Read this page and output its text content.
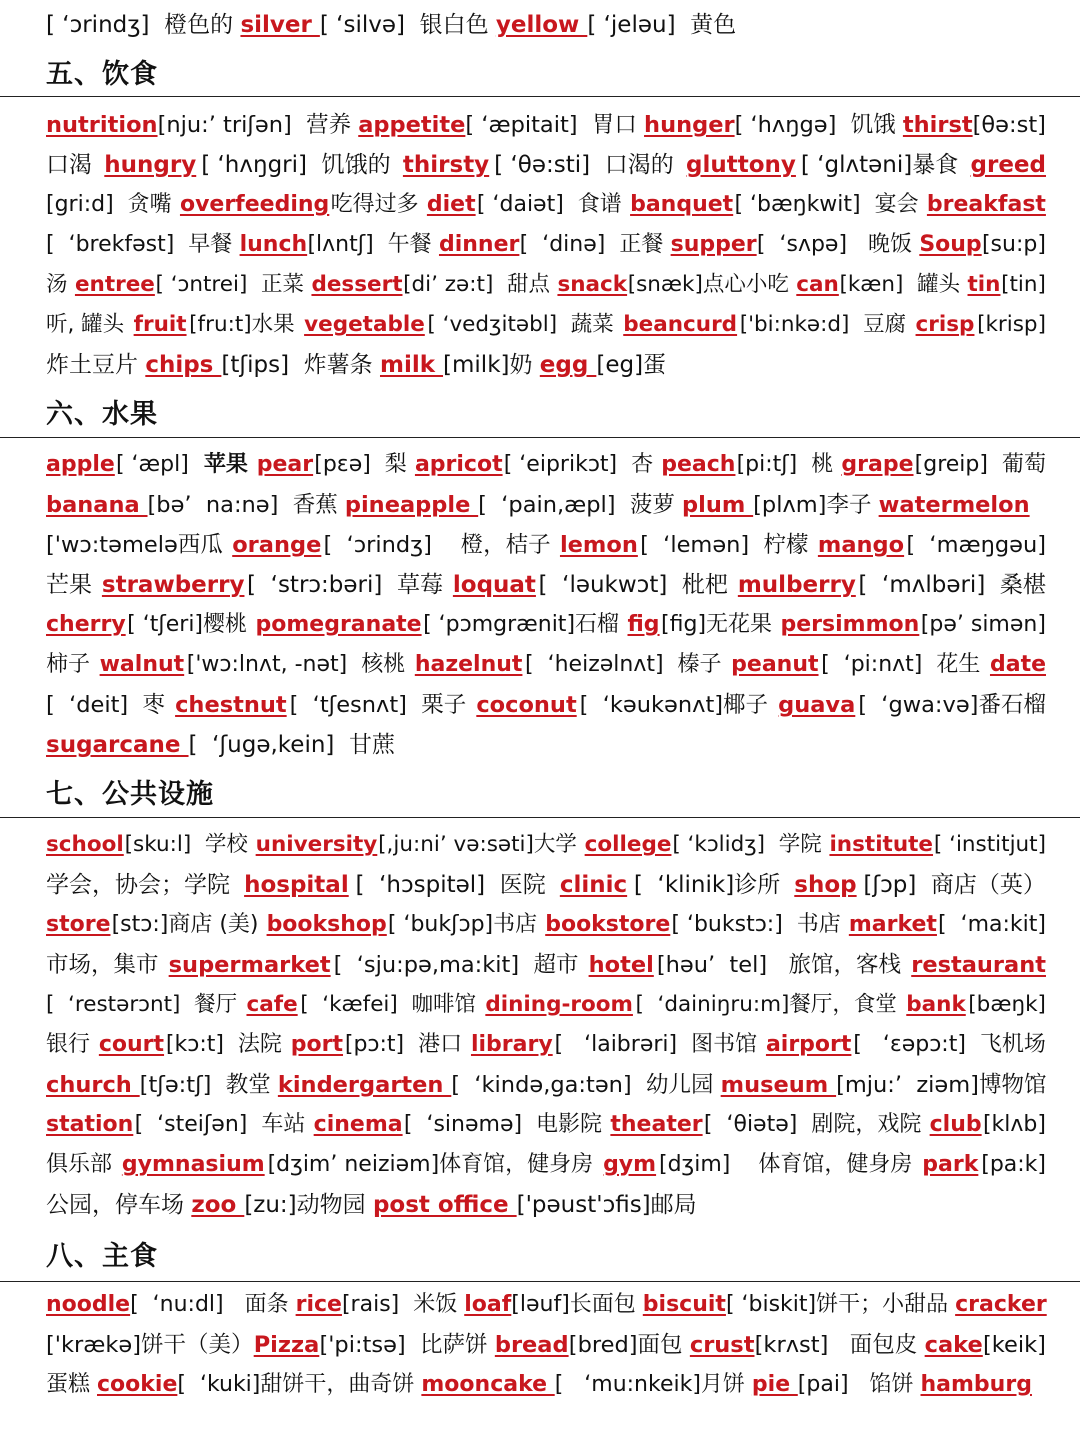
[ ‘ɔrindʒ]  橙色的 silver [ ‘silvə]  银白色 yellow [ ‘jeləu]  黄色
五、饮食
nutrition [nju:’ triʃən]  营养 appetite [ ‘æpitait]  胃口 hunger [ ‘hʌŋgə]  饥饿 thirst [θə:st]
口渴 hungry [ ‘hʌŋgri]  饥饿的 thirsty [ ‘θə:sti]  口渴的 gluttony [ ‘glʌtəni]暴食 greed
[gri:d]  贪嘴 overfeeding 吃得过多 diet [ ‘daiət]  食谱 banquet [ ‘bæŋkwit]  宴会 breakfast
[  ‘brekfəst]  早餐 lunch [lʌntʃ]  午餐 dinner [  ‘dinə]  正餐 supper [  ‘sʌpə]   晚饭 Soup [su:p]
汤 entree [ ‘ɔntrei]  正菜 dessert [di’ zə:t]  甜点 snack [snæk]点心小吃 can [kæn]  罐头 tin [tin]
听, 罐头 fruit [fru:t]水果 vegetable [ ‘vedʒitəbl]  蔬菜 beancurd ['bi:nkə:d]  豆腐 crisp [krisp]
炸土豆片 chips [tʃips]  炸薯条 milk [milk]奶 egg [eg]蛋
六、水果
apple [ ‘æpl] 苹果 pear [pɛə]  梨 apricot [ ‘eiprikɔt]  杏 peach [pi:tʃ]  桃 grape [greip]  葡萄
banana [bə’  na:nə]  香蕉 pineapple [  ‘pain,æpl]  菠萝 plum [plʌm]李子 watermelon
['wɔ:təmelə西瓜 orange [  ‘ɔrindʒ]    橙，桔子 lemon [  ‘lemən]  柠檬 mango [  ‘mæŋgəu]
芒果 strawberry [  ‘strɔ:bəri]  草莓 loquat [  ‘ləukwɔt]  枇杷 mulberry [  ‘mʌlbəri]  桑椹
cherry [ ‘tʃeri]樱桃 pomegranate [ ‘pɔmgrænit]石榴 fig [fig]无花果 persimmon [pə’ simən]
柿子 walnut ['wɔ:lnʌt, -nət]  核桃 hazelnut [  ‘heizəlnʌt]  榛子 peanut [  ‘pi:nʌt]  花生 date
[  ‘deit]  枣 chestnut [  ‘tʃesnʌt]  栗子 coconut [  ‘kəukənʌt]椰子 guava [  ‘gwa:və]番石榴
sugarcane [  ‘ʃugə,kein]  甘蔗
七、公共设施
school [sku:l]  学校 university [,ju:ni’ və:səti]大学 college [ ‘kɔlidʒ]  学院 institute [ ‘institjut]
学会，协会；学院 hospital [  ‘hɔspitəl]  医院 clinic [  ‘klinik]诊所 shop [ʃɔp]  商店（英）
store [stɔ:]商店 (美) bookshop [ ‘bukʃɔp]书店 bookstore [ ‘bukstɔ:]  书店 market [  ‘ma:kit]
市场，集市 supermarket [  ‘sju:pə,ma:kit]  超市 hotel [həu’  tel]   旅馆，客栈 restaurant
[  ‘restərɔnt]  餐厅 cafe [  ‘kæfei]  咖啡馆 dining-room [  ‘dainiŋru:m]餐厅，食堂 bank [bæŋk]
银行 court [kɔ:t]  法院 port [pɔ:t]  港口 library [   ‘laibrəri]  图书馆 airport [   ‘ɛəpɔ:t]  飞机场
church [tʃə:tʃ]  教堂 kindergarten [  ‘kində,ga:tən]  幼儿园 museum [mju:’  ziəm]博物馆
station [  ‘steiʃən]  车站 cinema [  ‘sinəmə]  电影院 theater [  ‘θiətə]  剧院，戏院 club [klʌb]
俱乐部 gymnasium [dʒim’ neiziəm]体育馆，健身房 gym [dʒim]    体育馆，健身房 park [pa:k]
公园，停车场 zoo [zu:]动物园 post office ['pəust'ɔfis]邮局
八、主食
noodle [  ‘nu:dl]   面条 rice [rais]  米饭 loaf [ləuf]长面包 biscuit [ ‘biskit]饼干；小甜品 cracker
['krækə]饼干（美） Pizza ['pi:tsə]  比萨饼 bread [bred]面包 crust [krʌst]   面包皮 cake [keik]
蛋糕 cookie[  ‘kuki]甜饼干，曲奇饼 mooncake [   ‘mu:nkeik]月饼 pie [pai]   馅饼 hamburg
